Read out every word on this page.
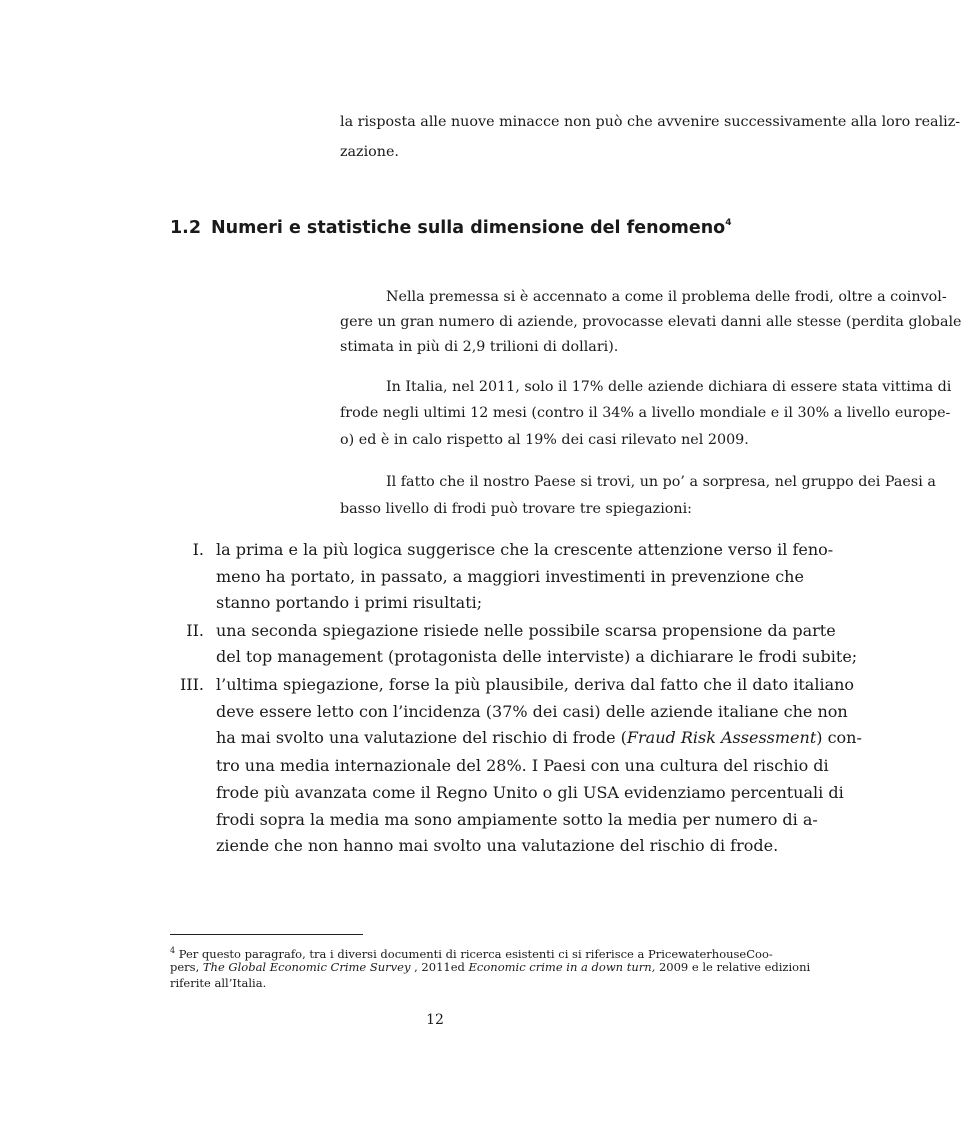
la risposta alle nuove minacce non può che avvenire successivamente alla loro realiz-
zazione.
1.2 Numeri e statistiche sulla dimensione del fenomeno$^4$
Nella premessa si è accennato a come il problema delle frodi, oltre a coinvol-
gere un gran numero di aziende, provocasse elevati danni alle stesse (perdita globale
stimata in più di 2,9 trilioni di dollari).
In Italia, nel 2011, solo il 17% delle aziende dichiara di essere stata vittima di
frode negli ultimi 12 mesi (contro il 34% a livello mondiale e il 30% a livello europe-
o) ed è in calo rispetto al 19% dei casi rilevato nel 2009.
Il fatto che il nostro Paese si trovi, un po’ a sorpresa, nel gruppo dei Paesi a
basso livello di frodi può trovare tre spiegazioni:
I. la prima e la più logica suggerisce che la crescente attenzione verso il feno-
meno ha portato, in passato, a maggiori investimenti in prevenzione che
stanno portando i primi risultati;
II. una seconda spiegazione risiede nelle possibile scarsa propensione da parte
del top management (protagonista delle interviste) a dichiarare le frodi subite;
III. l’ultima spiegazione, forse la più plausibile, deriva dal fatto che il dato italiano
deve essere letto con l’incidenza (37% dei casi) delle aziende italiane che non
ha mai svolto una valutazione del rischio di frode (Fraud Risk Assessment) con-
tro una media internazionale del 28%. I Paesi con una cultura del rischio di
frode più avanzata come il Regno Unito o gli USA evidenziamo percentuali di
frodi sopra la media ma sono ampiamente sotto la media per numero di a-
ziende che non hanno mai svolto una valutazione del rischio di frode.
$^4$ Per questo paragrafo, tra i diversi documenti di ricerca esistenti ci si riferisce a PricewaterhouseCoo-
pers, The Global Economic Crime Survey , 2011ed Economic crime in a down turn, 2009 e le relative edizioni
riferite all’Italia.
12
